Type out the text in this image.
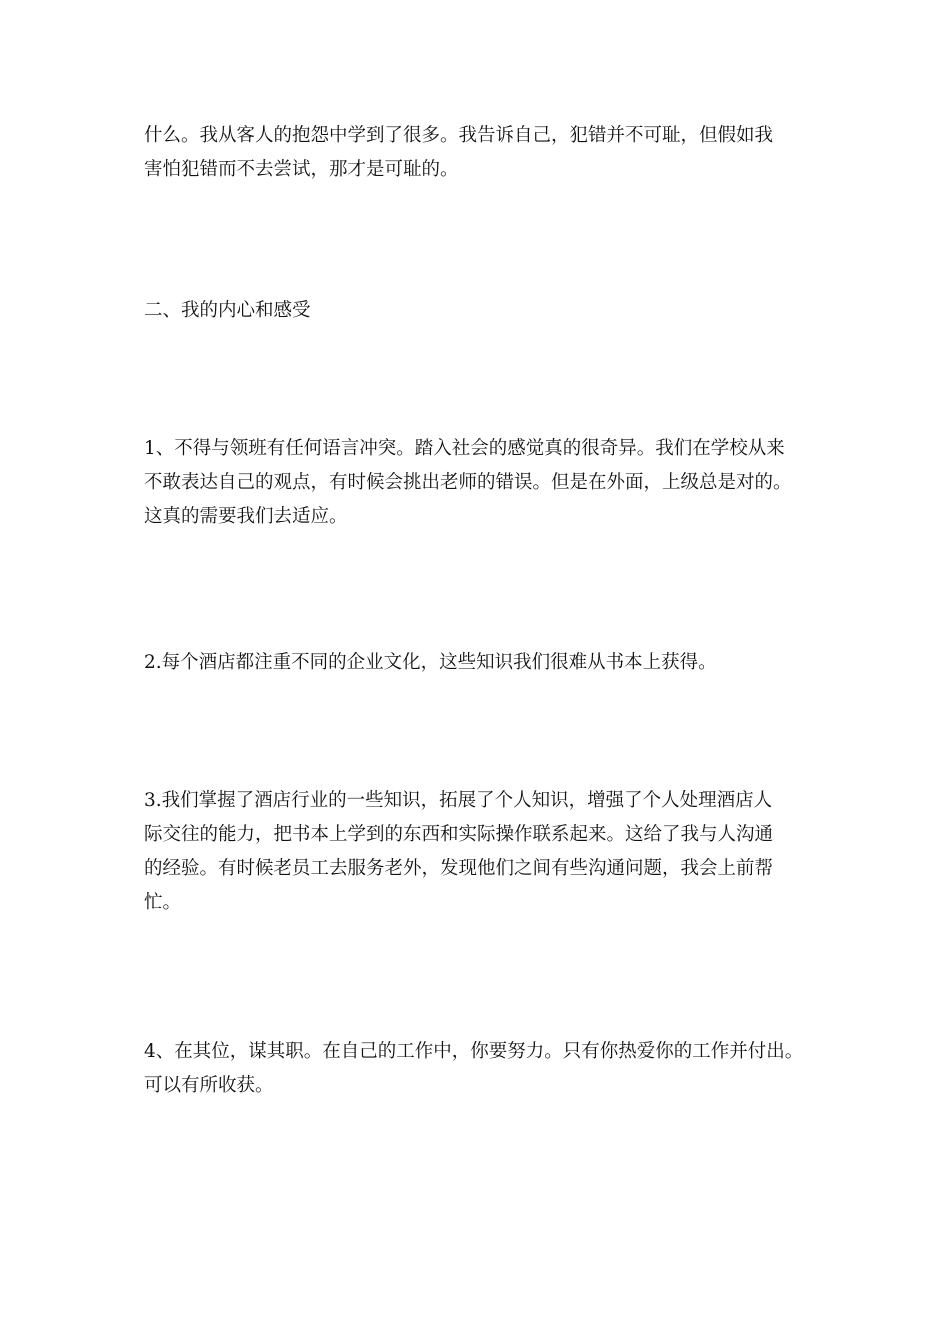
什么。我从客人的抱怨中学到了很多。我告诉自己，犯错并不可耻，但假如我
害怕犯错而不去尝试，那才是可耻的。
二、我的内心和感受
1、不得与领班有任何语言冲突。踏入社会的感觉真的很奇异。我们在学校从来
不敢表达自己的观点，有时候会挑出老师的错误。但是在外面，上级总是对的。
这真的需要我们去适应。
2.每个酒店都注重不同的企业文化，这些知识我们很难从书本上获得。
3.我们掌握了酒店行业的一些知识，拓展了个人知识，增强了个人处理酒店人
际交往的能力，把书本上学到的东西和实际操作联系起来。这给了我与人沟通
的经验。有时候老员工去服务老外，发现他们之间有些沟通问题，我会上前帮
忙。
4、在其位，谋其职。在自己的工作中，你要努力。只有你热爱你的工作并付出。
可以有所收获。
